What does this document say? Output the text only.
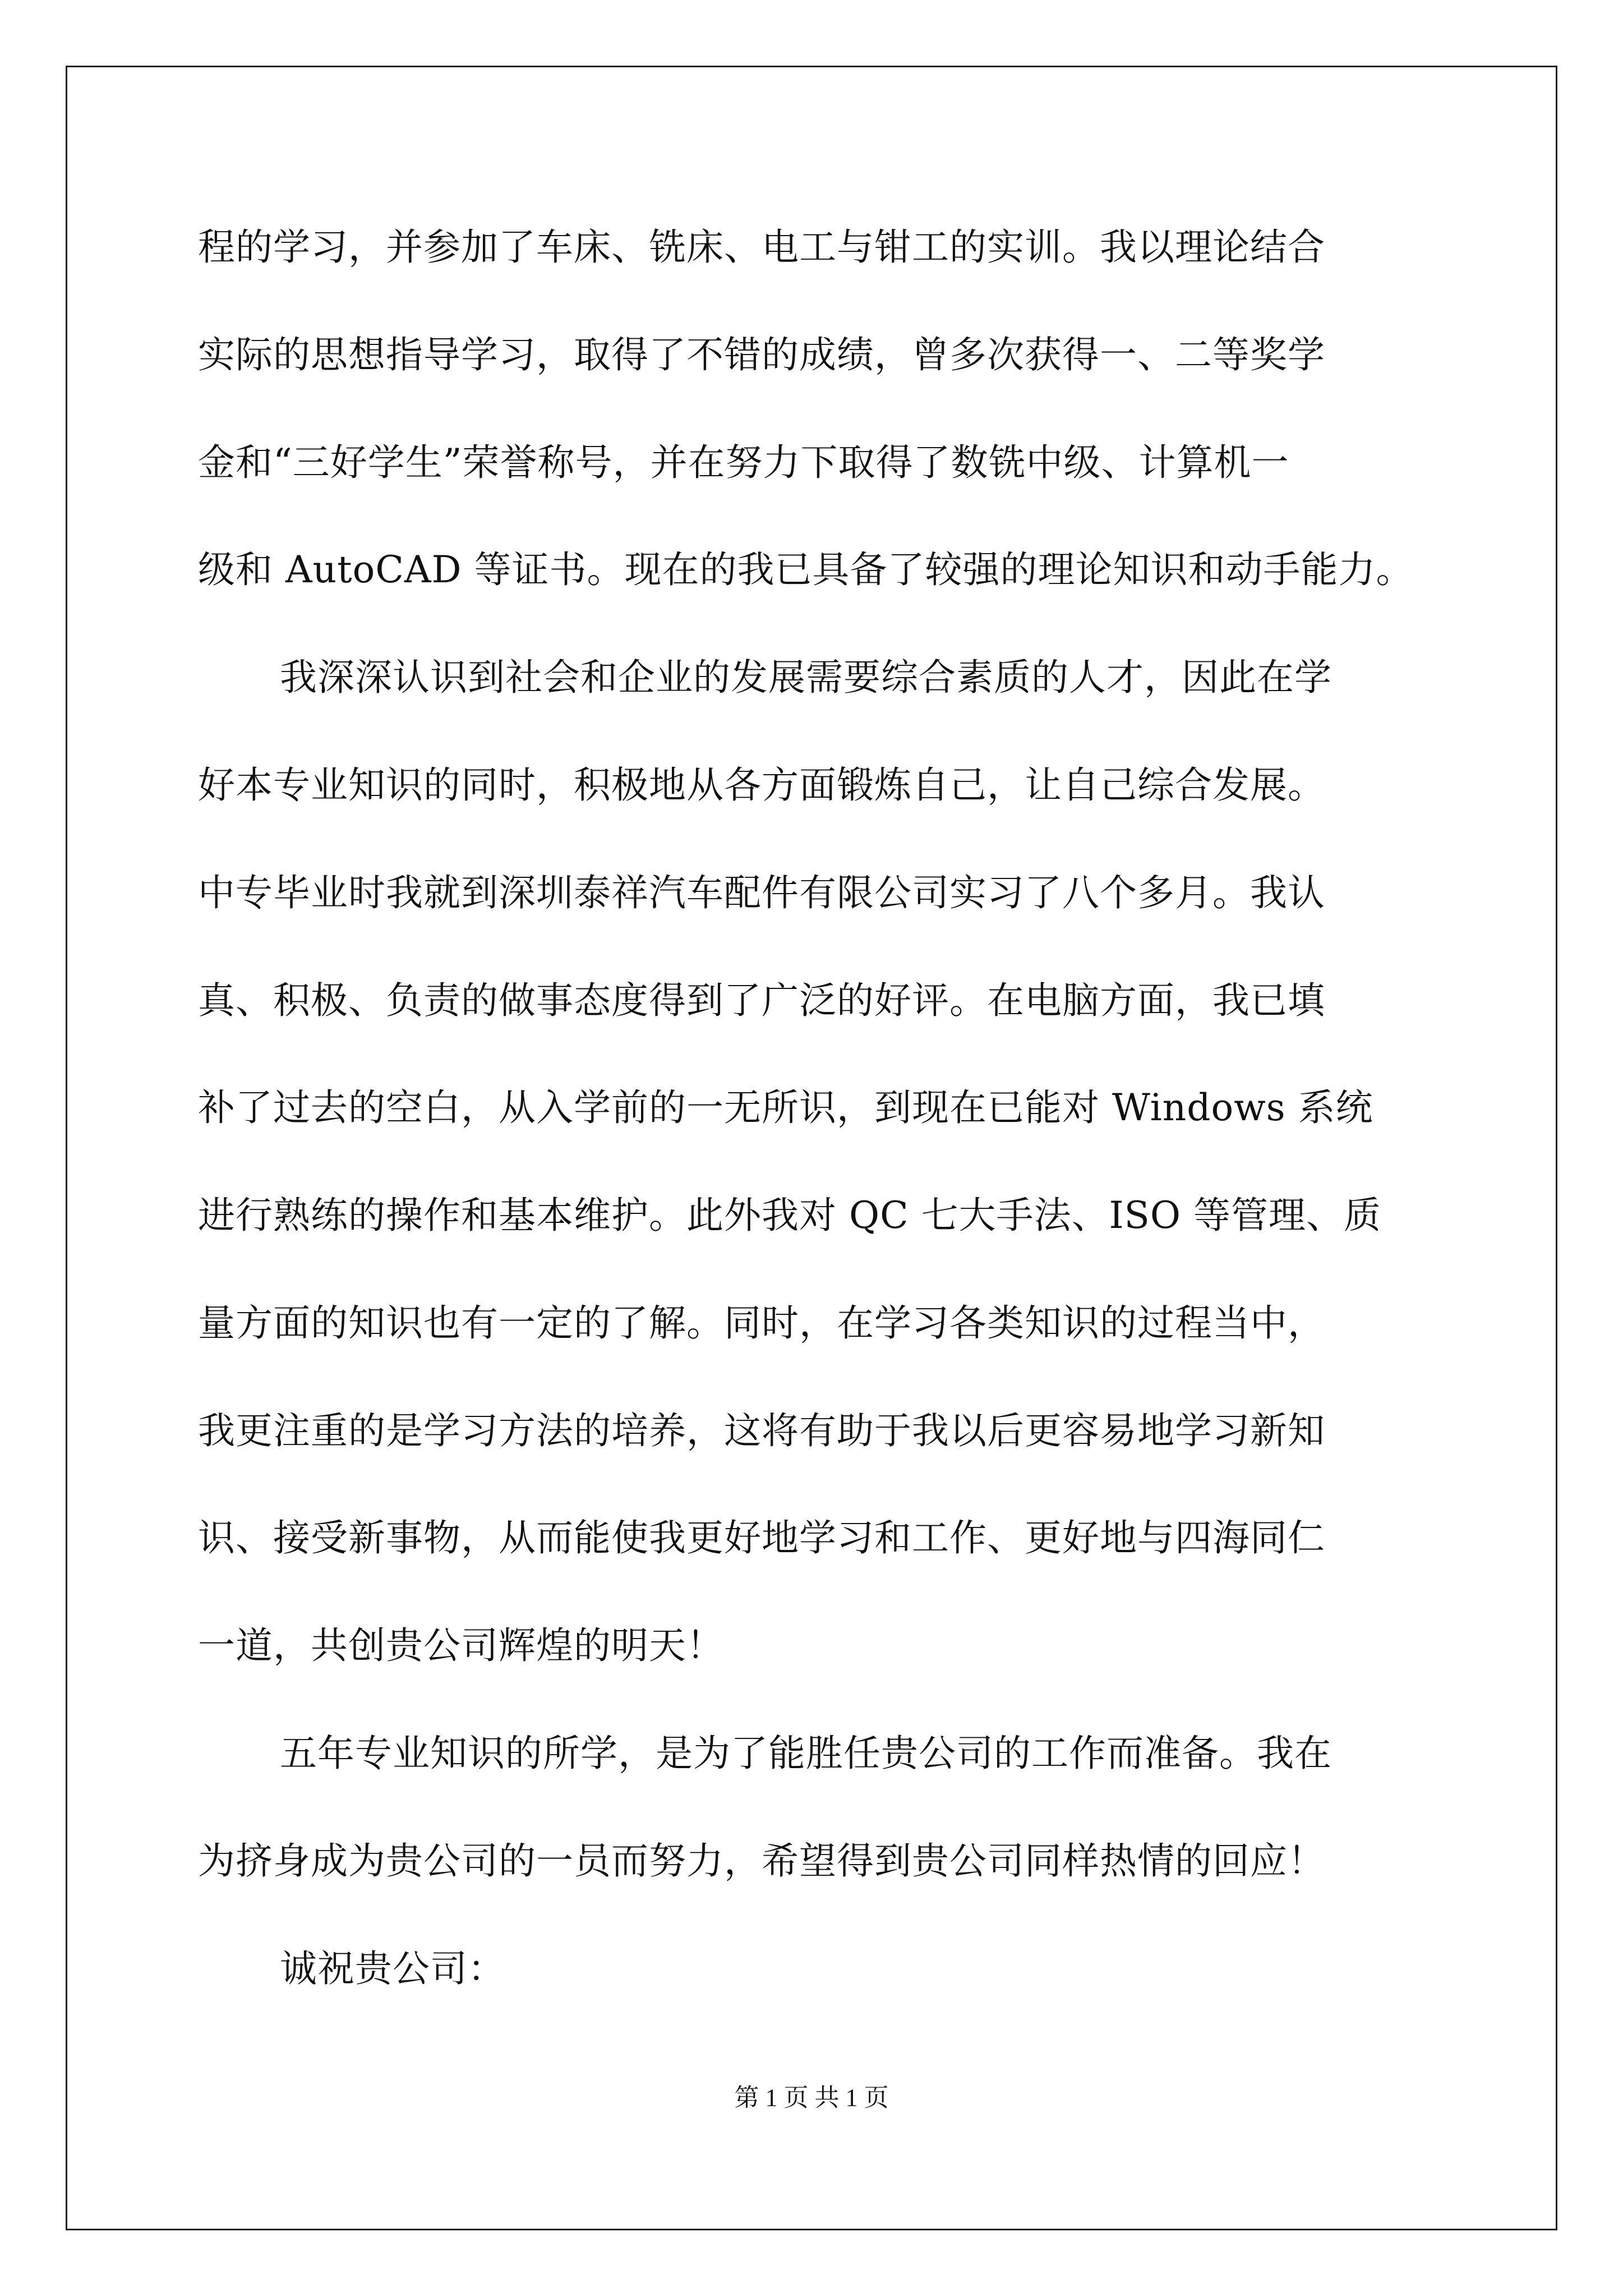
程的学习，并参加了车床、铣床、电工与钳工的实训。我以理论结合
实际的思想指导学习，取得了不错的成绩，曾多次获得一、二等奖学
金和“三好学生”荣誉称号，并在努力下取得了数铣中级、计算机一
级和 AutoCAD 等证书。现在的我已具备了较强的理论知识和动手能力。
我深深认识到社会和企业的发展需要综合素质的人才，因此在学
好本专业知识的同时，积极地从各方面锻炼自己，让自己综合发展。
中专毕业时我就到深圳泰祥汽车配件有限公司实习了八个多月。我认
真、积极、负责的做事态度得到了广泛的好评。在电脑方面，我已填
补了过去的空白，从入学前的一无所识，到现在已能对 Windows 系统
进行熟练的操作和基本维护。此外我对 QC 七大手法、ISO 等管理、质
量方面的知识也有一定的了解。同时，在学习各类知识的过程当中，
我更注重的是学习方法的培养，这将有助于我以后更容易地学习新知
识、接受新事物，从而能使我更好地学习和工作、更好地与四海同仁
一道，共创贵公司辉煌的明天！
五年专业知识的所学，是为了能胜任贵公司的工作而准备。我在
为挤身成为贵公司的一员而努力，希望得到贵公司同样热情的回应！
诚祝贵公司：
第 1 页 共 1 页
